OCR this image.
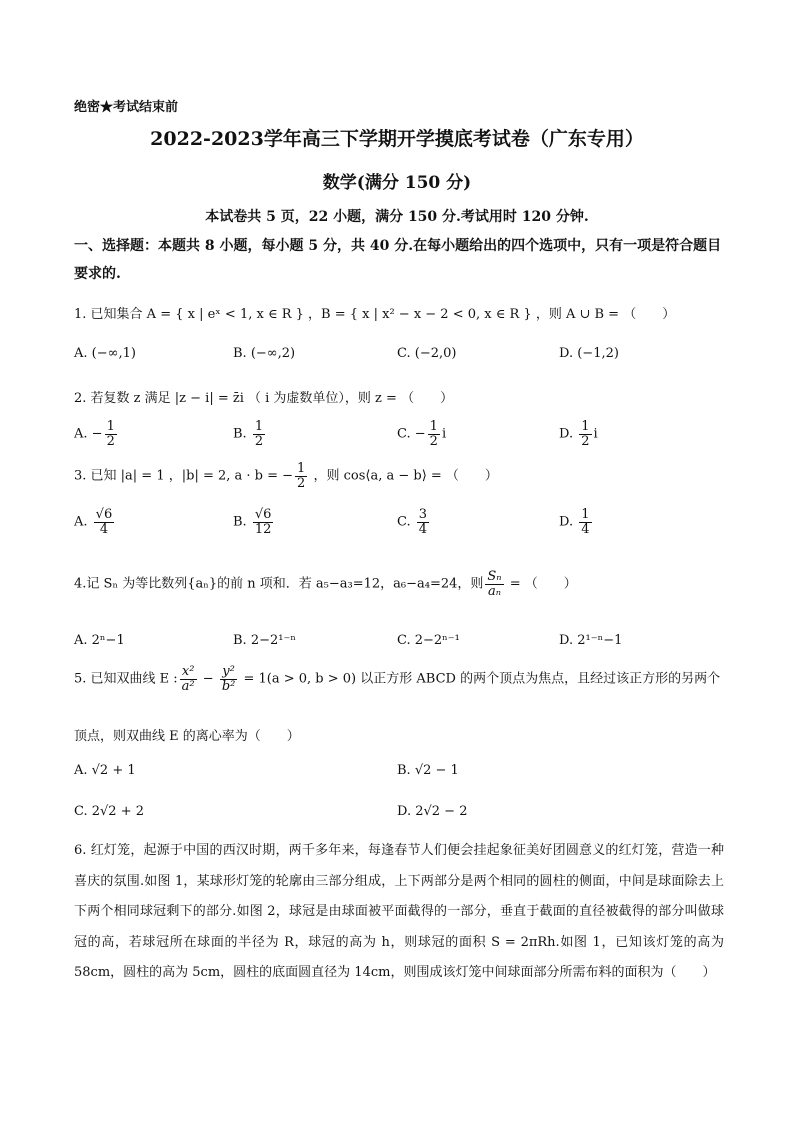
绝密★考试结束前
2022-2023学年高三下学期开学摸底考试卷（广东专用）
数学(满分 150 分)
本试卷共 5 页，22 小题，满分 150 分.考试用时 120 分钟.
一、选择题：本题共 8 小题，每小题 5 分，共 40 分.在每小题给出的四个选项中，只有一项是符合题目要求的.
1. 已知集合 A = { x | eˣ < 1, x ∈ R } ，B = { x | x² − x − 2 < 0, x ∈ R } ，则 A ∪ B = （　　）
A. (−∞,1)	B. (−∞,2)	C. (−2,0)	D. (−1,2)
2. 若复数 z 满足 |z − i| = z̄i （ i 为虚数单位），则 z = （　　）
A. − $\frac{1}{2}$	B. $\frac{1}{2}$	C. − $\frac{1}{2}$ i	D. $\frac{1}{2}$ i
3. 已知 |a| = 1 ，|b| = 2, a · b = − $\frac{1}{2}$ ，则 cos⟨a, a − b⟩ = （　　）
A. $\frac{√6}{4}$	B. $\frac{√6}{12}$	C. $\frac{3}{4}$	D. $\frac{1}{4}$
4.记 Sₙ 为等比数列{aₙ}的前 n 项和．若 a₅−a₃=12，a₆−a₄=24，则 $\frac{\text{Sₙ}}{\text{aₙ}}$ = （　　）
A. 2ⁿ−1	B. 2−2¹⁻ⁿ	C. 2−2ⁿ⁻¹	D. 2¹⁻ⁿ−1
5. 已知双曲线 E : $\frac{\text{x²}}{\text{a²}} - \frac{\text{y²}}{\text{b²}} = 1(a > 0$, b > 0) 以正方形 ABCD 的两个顶点为焦点，且经过该正方形的另两个
顶点，则双曲线 E 的离心率为（　　）
A. √2 + 1	B. √2 − 1
C. 2√2 + 2	D. 2√2 − 2
6. 红灯笼，起源于中国的西汉时期，两千多年来，每逢春节人们便会挂起象征美好团圆意义的红灯笼，营造一种喜庆的氛围.如图 1，某球形灯笼的轮廓由三部分组成，上下两部分是两个相同的圆柱的侧面，中间是球面除去上下两个相同球冠剩下的部分.如图 2，球冠是由球面被平面截得的一部分，垂直于截面的直径被截得的部分叫做球冠的高，若球冠所在球面的半径为 R，球冠的高为 h，则球冠的面积 S = 2πRh.如图 1，已知该灯笼的高为 58cm，圆柱的高为 5cm，圆柱的底面圆直径为 14cm，则围成该灯笼中间球面部分所需布料的面积为（　　）
